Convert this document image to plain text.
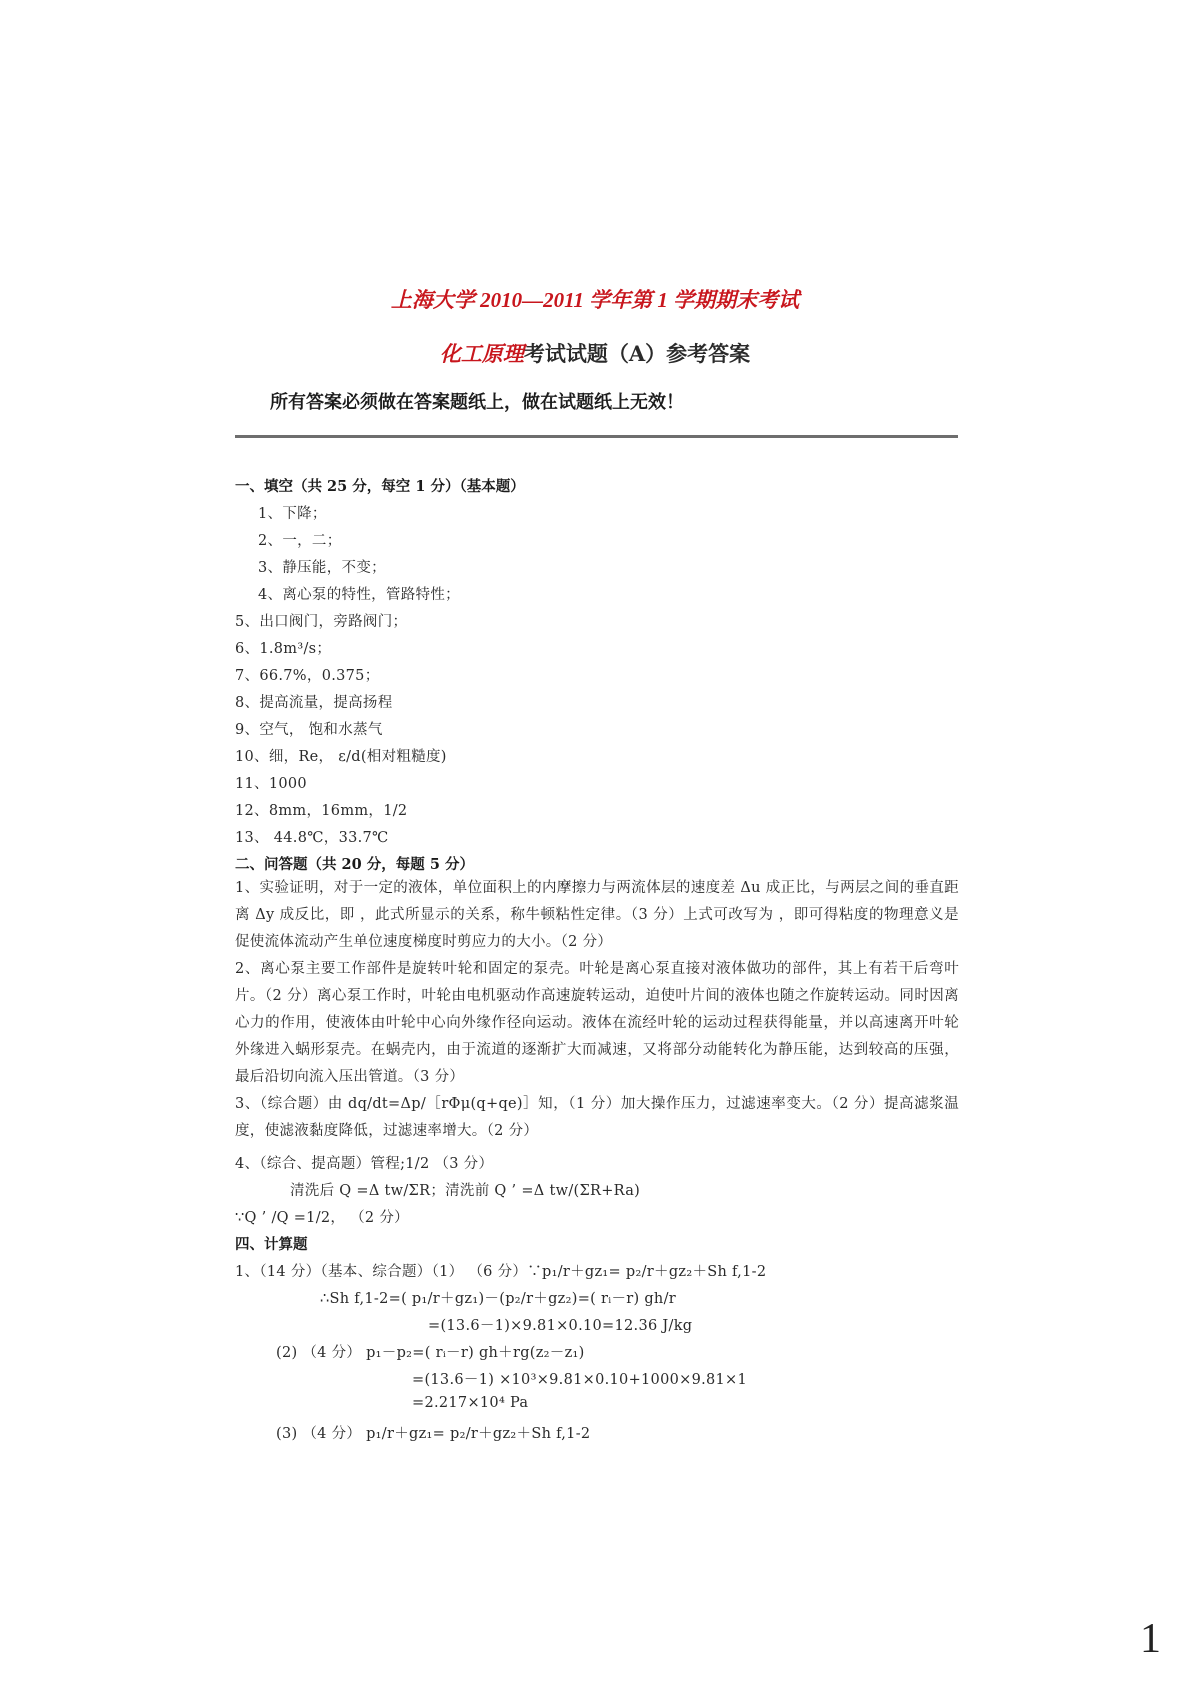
上海大学 2010—2011 学年第 1 学期期末考试
化工原理考试试题（A）参考答案
所有答案必须做在答案题纸上，做在试题纸上无效！
一、填空（共 25 分，每空 1 分）（基本题）
1、下降；
2、一，二；
3、静压能，不变；
4、离心泵的特性，管路特性；
5、出口阀门，旁路阀门；
6、1.8m³/s；
7、66.7%，0.375；
8、提高流量，提高扬程
9、空气， 饱和水蒸气
10、细，Re， ε/d(相对粗糙度)
11、1000
12、8mm，16mm，1/2
13、 44.8℃，33.7℃
二、问答题（共 20 分，每题 5 分）
1、实验证明，对于一定的液体，单位面积上的内摩擦力与两流体层的速度差 Δu 成正比，与两层之间的垂直距离 Δy 成反比，即 ，此式所显示的关系，称牛顿粘性定律。（3 分）上式可改写为 ，即可得粘度的物理意义是促使流体流动产生单位速度梯度时剪应力的大小。（2 分）
2、离心泵主要工作部件是旋转叶轮和固定的泵壳。叶轮是离心泵直接对液体做功的部件，其上有若干后弯叶片。（2 分）离心泵工作时，叶轮由电机驱动作高速旋转运动，迫使叶片间的液体也随之作旋转运动。同时因离心力的作用，使液体由叶轮中心向外缘作径向运动。液体在流经叶轮的运动过程获得能量，并以高速离开叶轮外缘进入蜗形泵壳。在蜗壳内，由于流道的逐渐扩大而减速，又将部分动能转化为静压能，达到较高的压强，最后沿切向流入压出管道。（3 分）
3、（综合题）由 dq/dt=Δp/［rΦμ(q+qe)］知，（1 分）加大操作压力，过滤速率变大。（2 分）提高滤浆温度，使滤液黏度降低，过滤速率增大。（2 分）
4、（综合、提高题）管程;1/2 （3 分）
清洗后 Q =Δ tw/ΣR；清洗前 Q ’ =Δ tw/(ΣR+Ra)
∵Q ’ /Q =1/2， （2 分）
四、计算题
1、（14 分）（基本、综合题）（1） （6 分）∵p₁/r＋gz₁= p₂/r＋gz₂＋Sh f,1-2
∴Sh f,1-2=( p₁/r＋gz₁)－(p₂/r＋gz₂)=( rᵢ－r) gh/r
=(13.6－1)×9.81×0.10=12.36 J/kg
(2) （4 分） p₁－p₂=( rᵢ－r) gh＋rg(z₂－z₁)
=(13.6－1) ×10³×9.81×0.10+1000×9.81×1
=2.217×10⁴ Pa
(3) （4 分） p₁/r＋gz₁= p₂/r＋gz₂＋Sh f,1-2
1
